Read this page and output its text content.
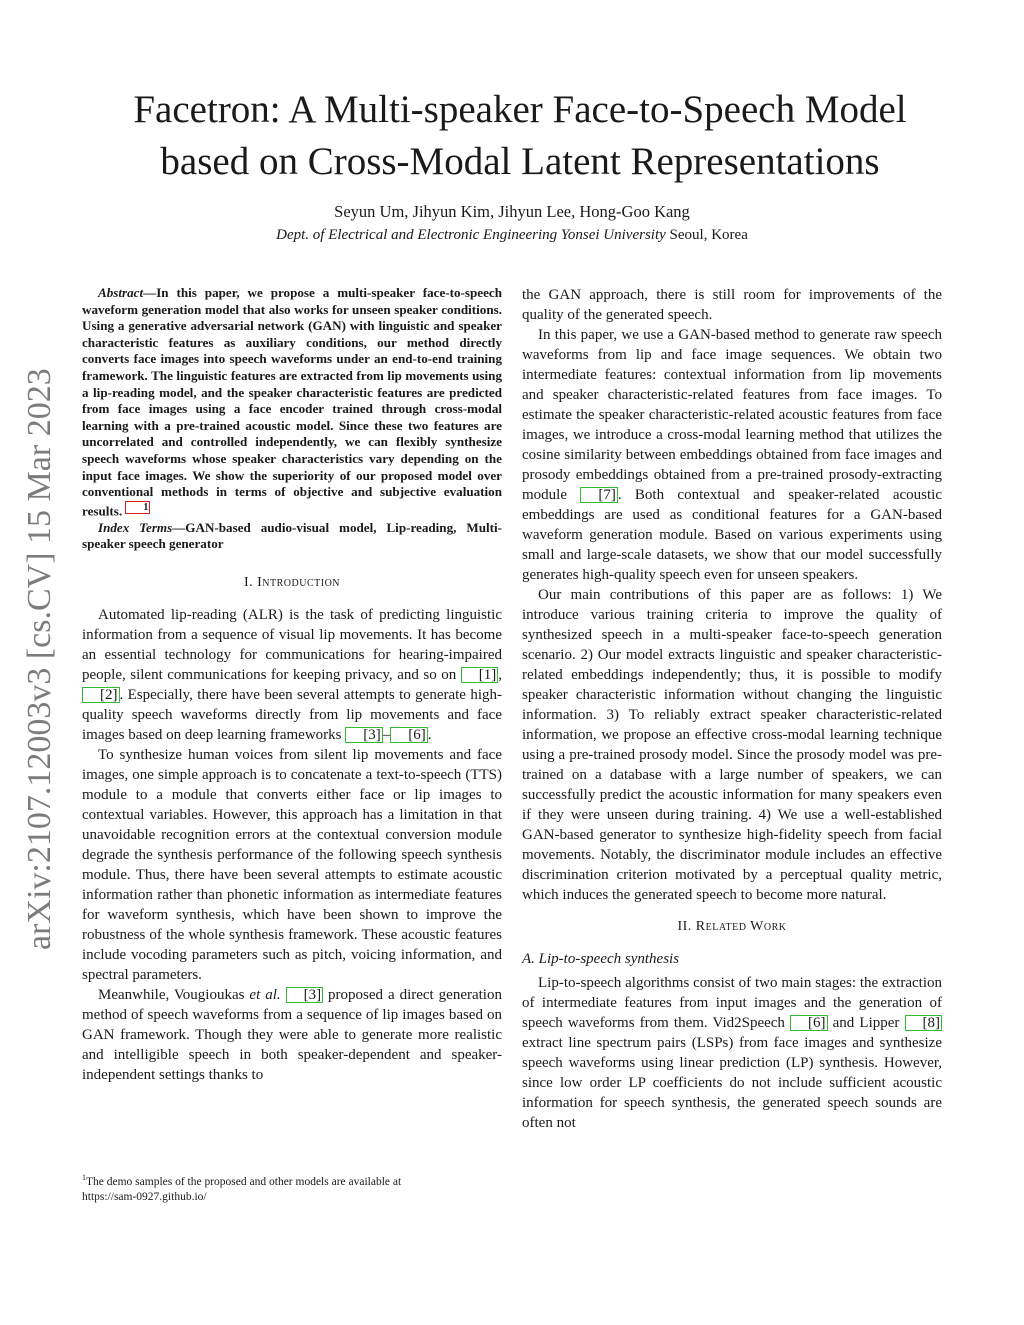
Facetron: A Multi-speaker Face-to-Speech Model
based on Cross-Modal Latent Representations
Seyun Um, Jihyun Kim, Jihyun Lee, Hong-Goo Kang
Dept. of Electrical and Electronic Engineering Yonsei University Seoul, Korea
arXiv:2107.12003v3 [cs.CV] 15 Mar 2023

Abstract—In this paper, we propose a multi-speaker face-to-speech waveform generation model that also works for unseen speaker conditions. Using a generative adversarial network (GAN) with linguistic and speaker characteristic features as auxiliary conditions, our method directly converts face images into speech waveforms under an end-to-end training framework. The linguistic features are extracted from lip movements using a lip-reading model, and the speaker characteristic features are predicted from face images using a face encoder trained through cross-modal learning with a pre-trained acoustic model. Since these two features are uncorrelated and controlled independently, we can flexibly synthesize speech waveforms whose speaker characteristics vary depending on the input face images. We show the superiority of our proposed model over conventional methods in terms of objective and subjective evaluation results. 1

Index Terms—GAN-based audio-visual model, Lip-reading, Multi-speaker speech generator

I. Introduction

Automated lip-reading (ALR) is the task of predicting linguistic information from a sequence of visual lip movements. It has become an essential technology for communications for hearing-impaired people, silent communications for keeping privacy, and so on [1] , [2] . Especially, there have been several attempts to generate high-quality speech waveforms directly from lip movements and face images based on deep learning frameworks [3] – [6] .

To synthesize human voices from silent lip movements and face images, one simple approach is to concatenate a text-to-speech (TTS) module to a module that converts either face or lip images to contextual variables. However, this approach has a limitation in that unavoidable recognition errors at the contextual conversion module degrade the synthesis performance of the following speech synthesis module. Thus, there have been several attempts to estimate acoustic information rather than phonetic information as intermediate features for waveform synthesis, which have been shown to improve the robustness of the whole synthesis framework. These acoustic features include vocoding parameters such as pitch, voicing information, and spectral parameters.

Meanwhile, Vougioukas et al. [3] proposed a direct generation method of speech waveforms from a sequence of lip images based on GAN framework. Though they were able to generate more realistic and intelligible speech in both speaker-dependent and speaker-independent settings thanks to

$^1$The demo samples of the proposed and other models are available at
https://sam-0927.github.io/

the GAN approach, there is still room for improvements of the quality of the generated speech.

In this paper, we use a GAN-based method to generate raw speech waveforms from lip and face image sequences. We obtain two intermediate features: contextual information from lip movements and speaker characteristic-related features from face images. To estimate the speaker characteristic-related acoustic features from face images, we introduce a cross-modal learning method that utilizes the cosine similarity between embeddings obtained from face images and prosody embeddings obtained from a pre-trained prosody-extracting module [7] . Both contextual and speaker-related acoustic embeddings are used as conditional features for a GAN-based waveform generation module. Based on various experiments using small and large-scale datasets, we show that our model successfully generates high-quality speech even for unseen speakers.

Our main contributions of this paper are as follows: 1) We introduce various training criteria to improve the quality of synthesized speech in a multi-speaker face-to-speech generation scenario. 2) Our model extracts linguistic and speaker characteristic-related embeddings independently; thus, it is possible to modify speaker characteristic information without changing the linguistic information. 3) To reliably extract speaker characteristic-related information, we propose an effective cross-modal learning technique using a pre-trained prosody model. Since the prosody model was pre-trained on a database with a large number of speakers, we can successfully predict the acoustic information for many speakers even if they were unseen during training. 4) We use a well-established GAN-based generator to synthesize high-fidelity speech from facial movements. Notably, the discriminator module includes an effective discrimination criterion motivated by a perceptual quality metric, which induces the generated speech to become more natural.

II. Related Work
A. Lip-to-speech synthesis

Lip-to-speech algorithms consist of two main stages: the extraction of intermediate features from input images and the generation of speech waveforms from them. Vid2Speech [6] and Lipper [8] extract line spectrum pairs (LSPs) from face images and synthesize speech waveforms using linear prediction (LP) synthesis. However, since low order LP coefficients do not include sufficient acoustic information for speech synthesis, the generated speech sounds are often not
